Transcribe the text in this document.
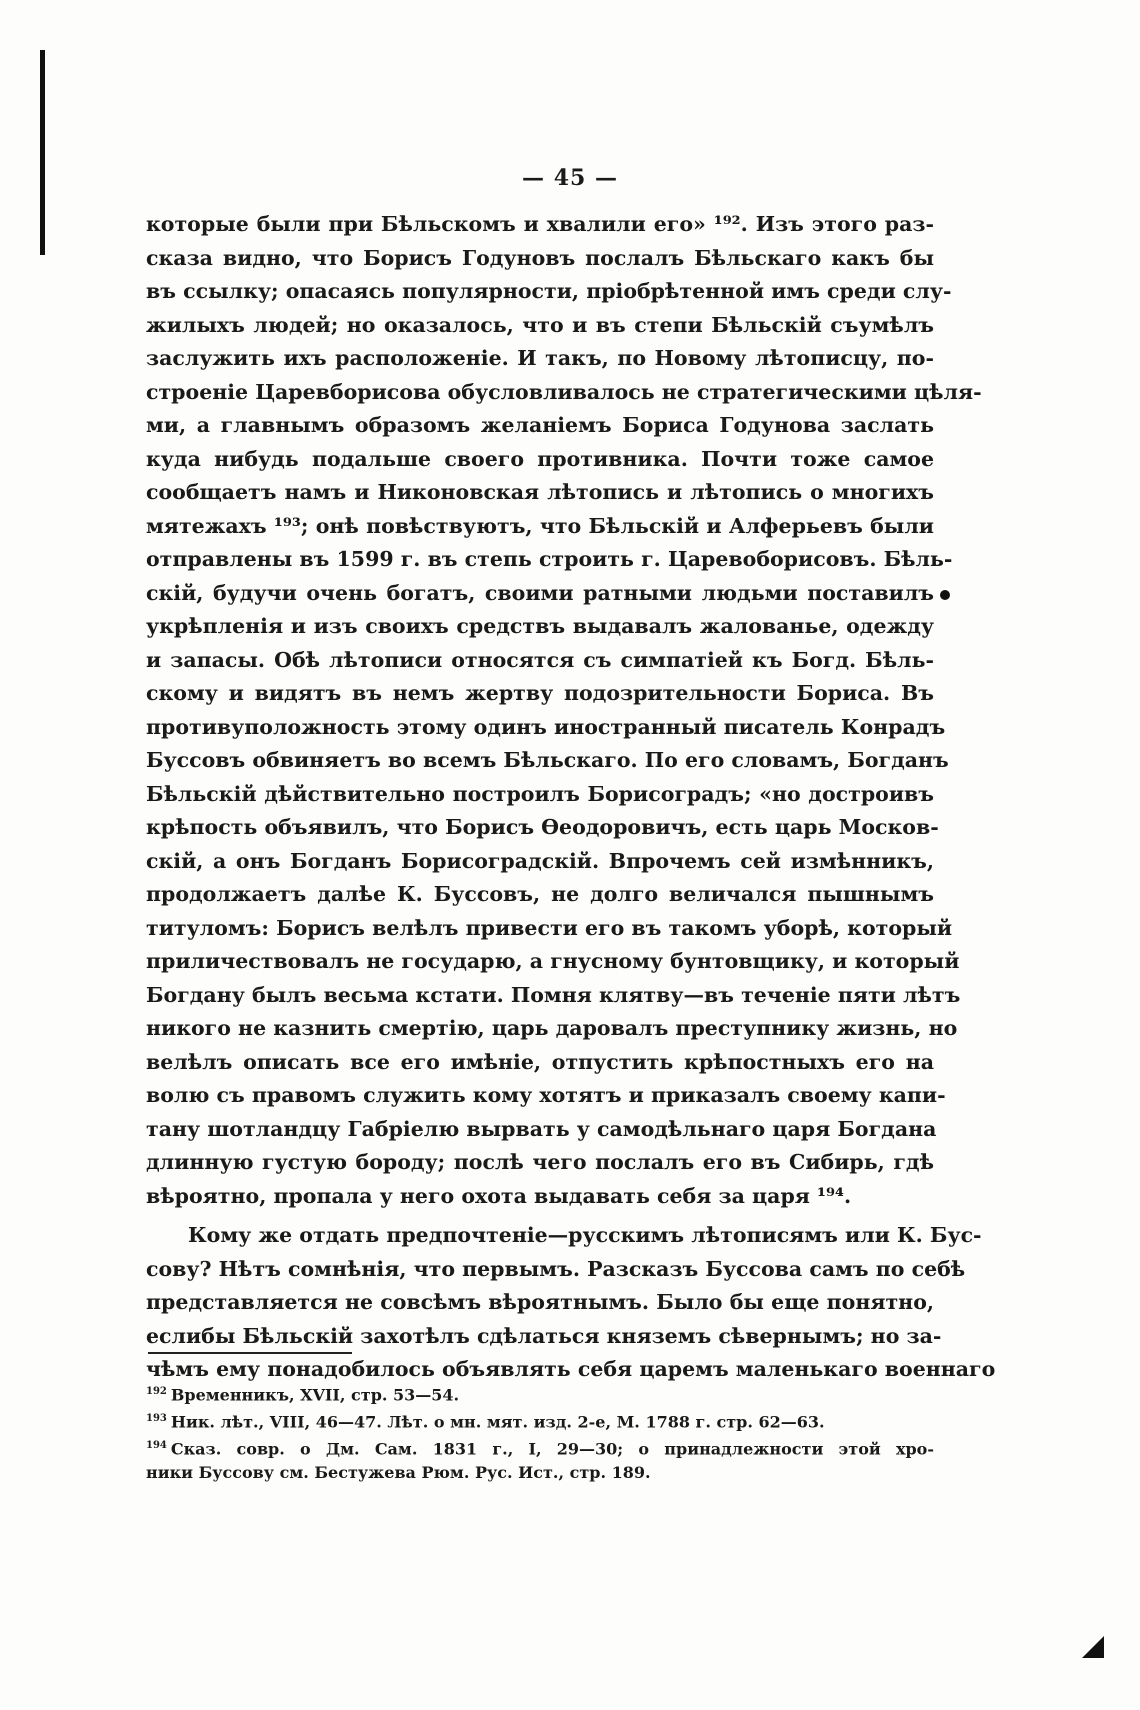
— 45 —
которые были при Бѣльскомъ и хвалили его» ¹⁹². Изъ этого раз-
сказа видно, что Борисъ Годуновъ послалъ Бѣльскаго какъ бы
въ ссылку; опасаясь популярности, пріобрѣтенной имъ среди слу-
жилыхъ людей; но оказалось, что и въ степи Бѣльскій съумѣлъ
заслужить ихъ расположеніе. И такъ, по Новому лѣтописцу, по-
строеніе Царевборисова обусловливалось не стратегическими цѣля-
ми, а главнымъ образомъ желаніемъ Бориса Годунова заслать
куда нибудь подальше своего противника. Почти тоже самое
сообщаетъ намъ и Никоновская лѣтопись и лѣтопись о многихъ
мятежахъ ¹⁹³; онѣ повѣствуютъ, что Бѣльскій и Алферьевъ были
отправлены въ 1599 г. въ степь строить г. Царевоборисовъ. Бѣль-
скій, будучи очень богатъ, своими ратными людьми поставилъ
укрѣпленія и изъ своихъ средствъ выдавалъ жалованье, одежду
и запасы. Обѣ лѣтописи относятся съ симпатіей къ Богд. Бѣль-
скому и видятъ въ немъ жертву подозрительности Бориса. Въ
противуположность этому одинъ иностранный писатель Конрадъ
Буссовъ обвиняетъ во всемъ Бѣльскаго. По его словамъ, Богданъ
Бѣльскій дѣйствительно построилъ Борисоградъ; «но достроивъ
крѣпость объявилъ, что Борисъ Ѳеодоровичъ, есть царь Москов-
скій, а онъ Богданъ Борисоградскій. Впрочемъ сей измѣнникъ,
продолжаетъ далѣе К. Буссовъ, не долго величался пышнымъ
титуломъ: Борисъ велѣлъ привести его въ такомъ уборѣ, который
приличествовалъ не государю, а гнусному бунтовщику, и который
Богдану былъ весьма кстати. Помня клятву—въ теченіе пяти лѣтъ
никого не казнить смертію, царь даровалъ преступнику жизнь, но
велѣлъ описать все его имѣніе, отпустить крѣпостныхъ его на
волю съ правомъ служить кому хотятъ и приказалъ своему капи-
тану шотландцу Габріелю вырвать у самодѣльнаго царя Богдана
длинную густую бороду; послѣ чего послалъ его въ Сибирь, гдѣ
вѣроятно, пропала у него охота выдавать себя за царя ¹⁹⁴.
Кому же отдать предпочтеніе—русскимъ лѣтописямъ или К. Бус-
сову? Нѣтъ сомнѣнія, что первымъ. Разсказъ Буссова самъ по себѣ
представляется не совсѣмъ вѣроятнымъ. Было бы еще понятно,
еслибы Бѣльскій захотѣлъ сдѣлаться княземъ сѣвернымъ; но за-
чѣмъ ему понадобилось объявлять себя царемъ маленькаго военнаго
$^{192}$ Временникъ, XVII, стр. 53—54.
$^{193}$ Ник. лѣт., VIII, 46—47. Лѣт. о мн. мят. изд. 2-е, М. 1788 г. стр. 62—63.
$^{194}$ Сказ. совр. о Дм. Сам. 1831 г., I, 29—30; о принадлежности этой хро-
ники Буссову см. Бестужева Рюм. Рус. Ист., стр. 189.
